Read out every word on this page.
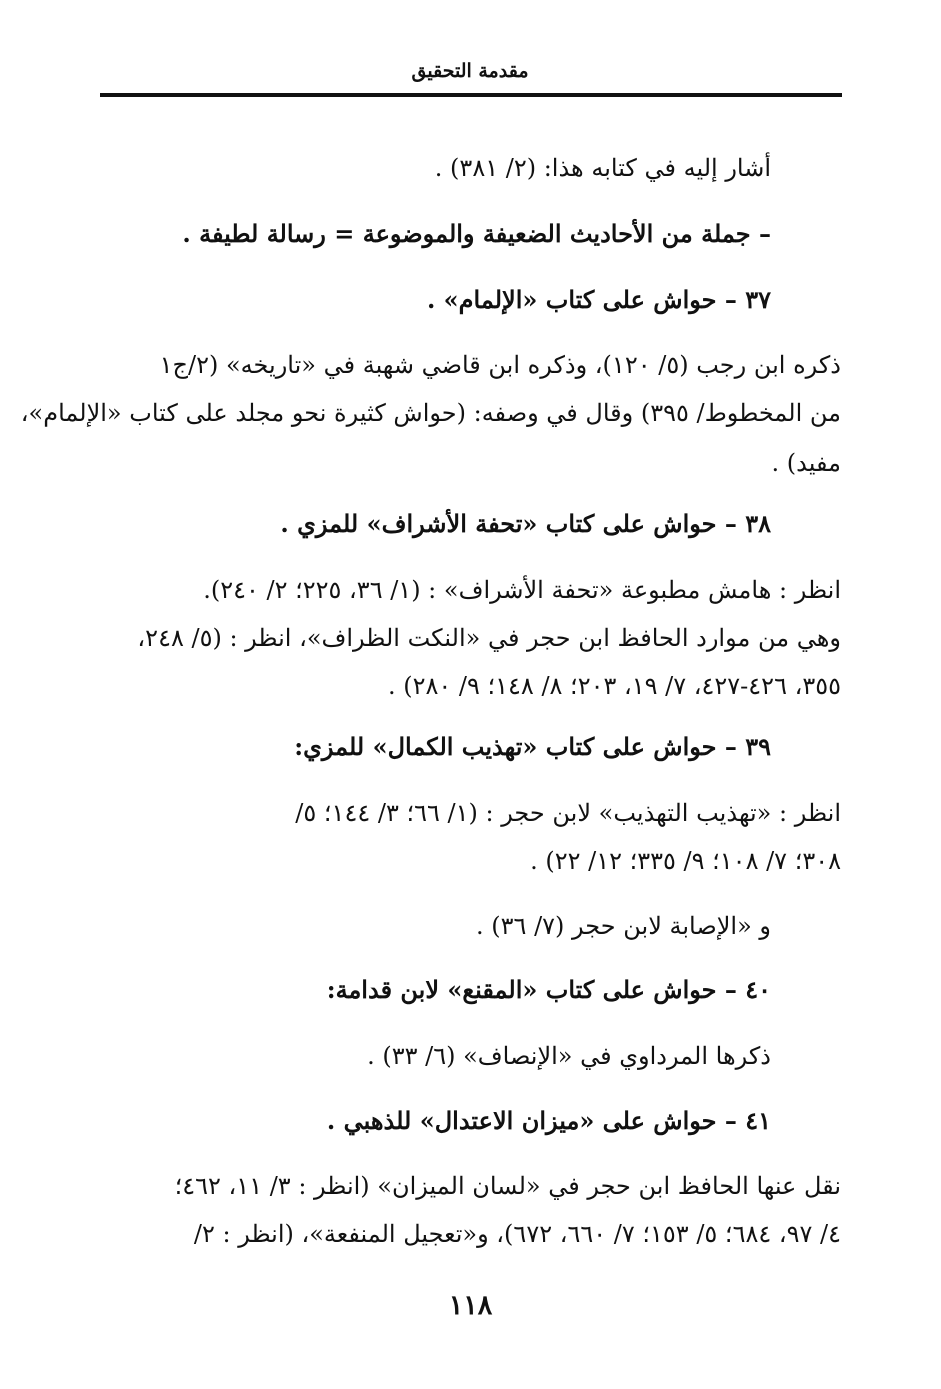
مقدمة التحقيق
أشار إليه في كتابه هذا: (٢/ ٣٨١) .
– جملة من الأحاديث الضعيفة والموضوعة = رسالة لطيفة .
٣٧ – حواش على كتاب «الإلمام» .
ذكره ابن رجب (٥/ ١٢٠)، وذكره ابن قاضي شهبة في «تاريخه» (٢/ج١
من المخطوط/ ٣٩٥) وقال في وصفه: (حواش كثيرة نحو مجلد على كتاب «الإلمام»،
مفيد) .
٣٨ – حواش على كتاب «تحفة الأشراف» للمزي .
انظر : هامش مطبوعة «تحفة الأشراف» : (١/ ٣٦، ٢٢٥؛ ٢/ ٢٤٠).
وهي من موارد الحافظ ابن حجر في «النكت الظراف»، انظر : (٥/ ٢٤٨،
٣٥٥، ٤٢٦-٤٢٧، ٧/ ١٩، ٢٠٣؛ ٨/ ١٤٨؛ ٩/ ٢٨٠) .
٣٩ – حواش على كتاب «تهذيب الكمال» للمزي:
انظر : «تهذيب التهذيب» لابن حجر : (١/ ٦٦؛ ٣/ ١٤٤؛ ٥/
٣٠٨؛ ٧/ ١٠٨؛ ٩/ ٣٣٥؛ ١٢/ ٢٢) .
و «الإصابة لابن حجر (٧/ ٣٦) .
٤٠ – حواش على كتاب «المقنع» لابن قدامة:
ذكرها المرداوي في «الإنصاف» (٦/ ٣٣) .
٤١ – حواش على «ميزان الاعتدال» للذهبي .
نقل عنها الحافظ ابن حجر في «لسان الميزان» (انظر : ٣/ ١١، ٤٦٢؛
٤/ ٩٧، ٦٨٤؛ ٥/ ١٥٣؛ ٧/ ٦٦٠، ٦٧٢)، و«تعجيل المنفعة»، (انظر : ٢/
١١٨
